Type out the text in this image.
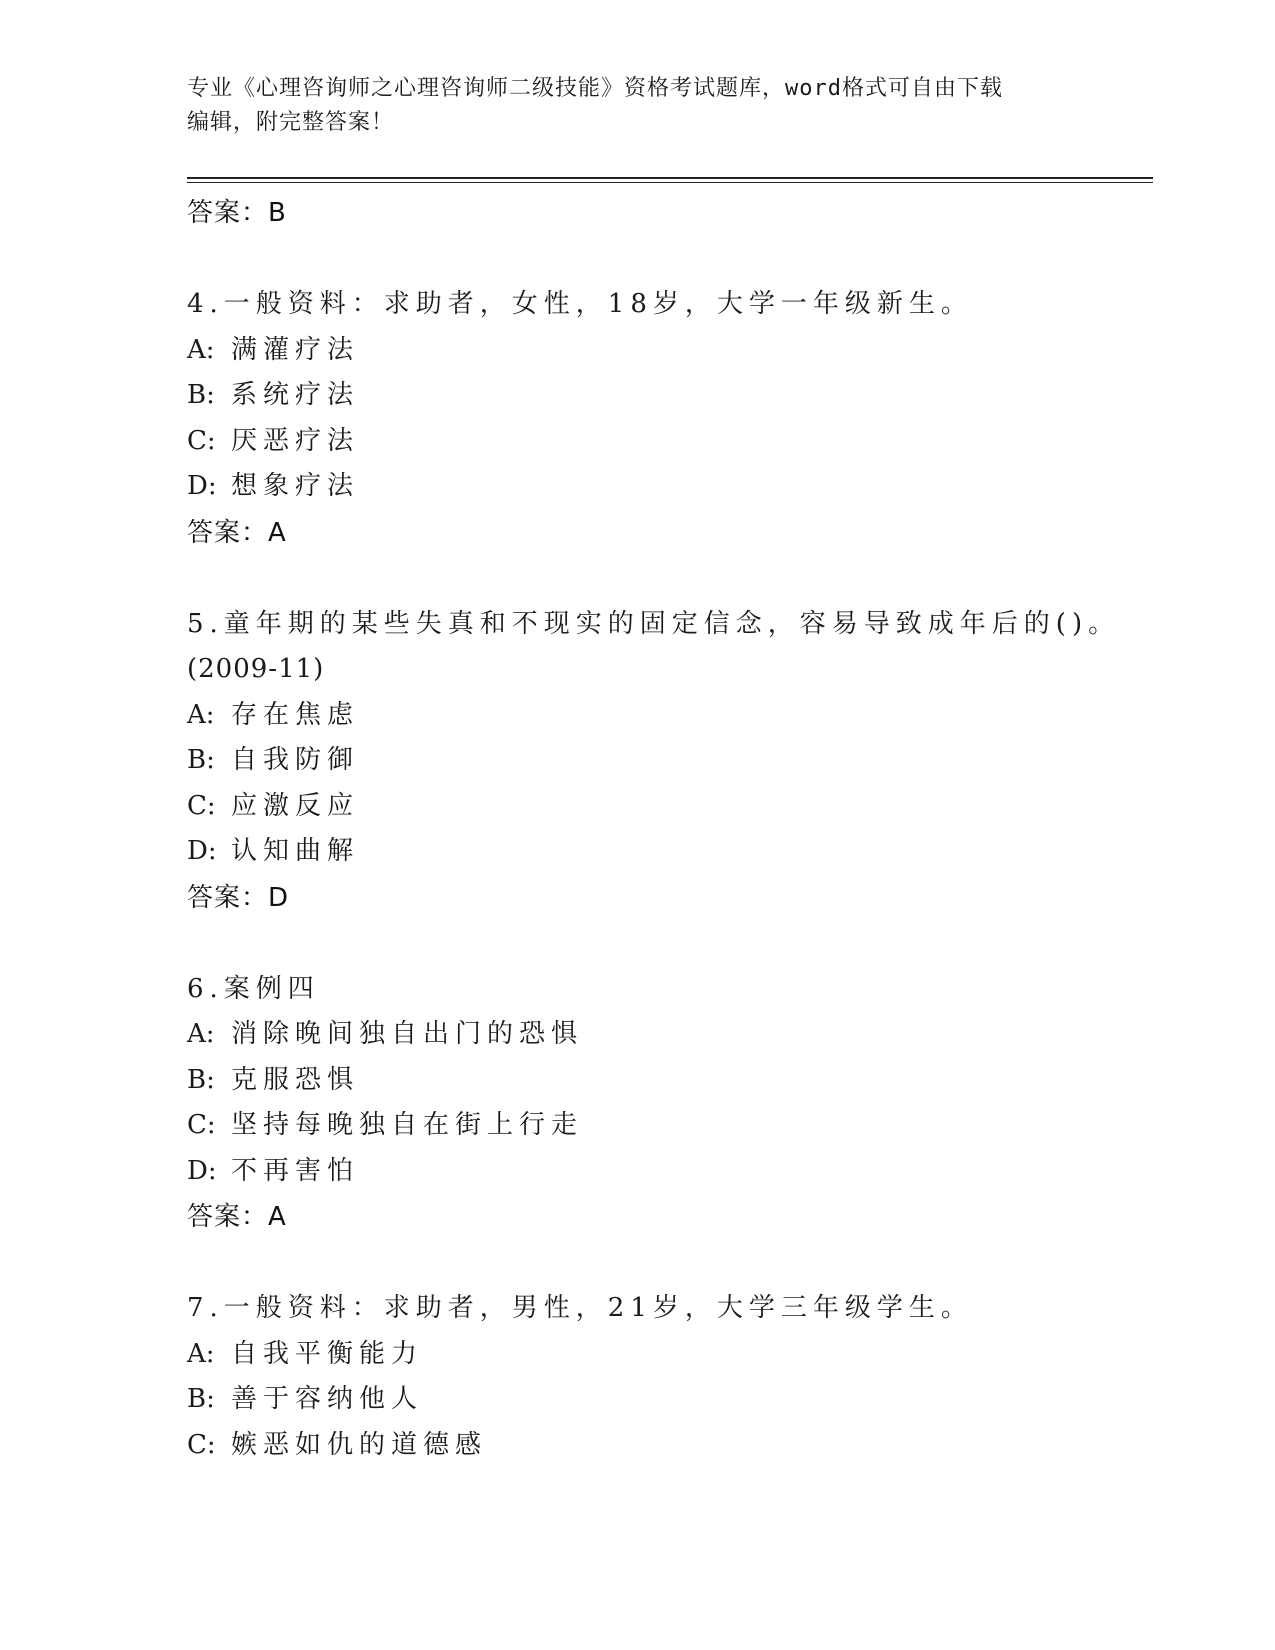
专业《心理咨询师之心理咨询师二级技能》资格考试题库，word格式可自由下载
编辑，附完整答案！
答案：B
4.一般资料：求助者，女性，18岁，大学一年级新生。
A: 满灌疗法
B: 系统疗法
C: 厌恶疗法
D: 想象疗法
答案：A
5.童年期的某些失真和不现实的固定信念，容易导致成年后的()。
(2009-11)
A: 存在焦虑
B: 自我防御
C: 应激反应
D: 认知曲解
答案：D
6.案例四
A: 消除晚间独自出门的恐惧
B: 克服恐惧
C: 坚持每晚独自在街上行走
D: 不再害怕
答案：A
7.一般资料：求助者，男性，21岁，大学三年级学生。
A: 自我平衡能力
B: 善于容纳他人
C: 嫉恶如仇的道德感
